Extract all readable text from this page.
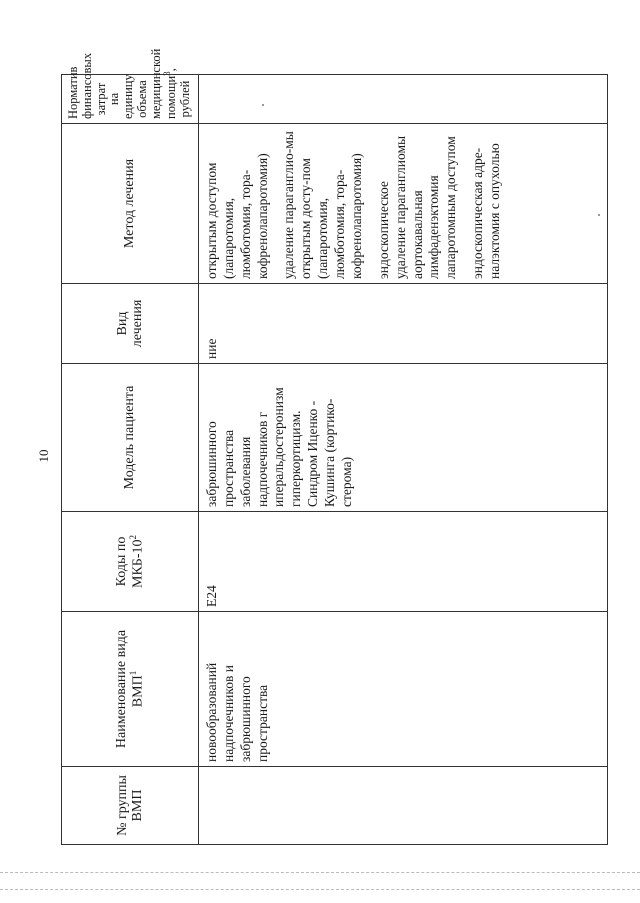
10
№ группы ВМП	Наименование вида ВМП$^1$	Коды по МКБ-$10^2$	Модель пациента	Вид лечения	Метод лечения	Норматив финансовых затрат на единицу объема медицинской помощи$^3$, рублей
	новообразований надпочечников и забрюшинного пространства	E24	забрюшинного пространства заболевания надпочечников г иперальдостеронизм гиперкортицизм. Синдром Иценко - Кушинга (кортико-стерома)	ние	открытым доступом (лапаротомия, люмботомия, тора-кофренолапаротомия) удаление параганглио-мы открытым досту-пом (лапаротомия, люмботомия, тора-кофренолапаротомия) эндоскопическое удаление параганглиомы аортокавальная лимфаденэктомия лапаротомным доступом эндоскопическая адре-налэктомия с опухолью	
